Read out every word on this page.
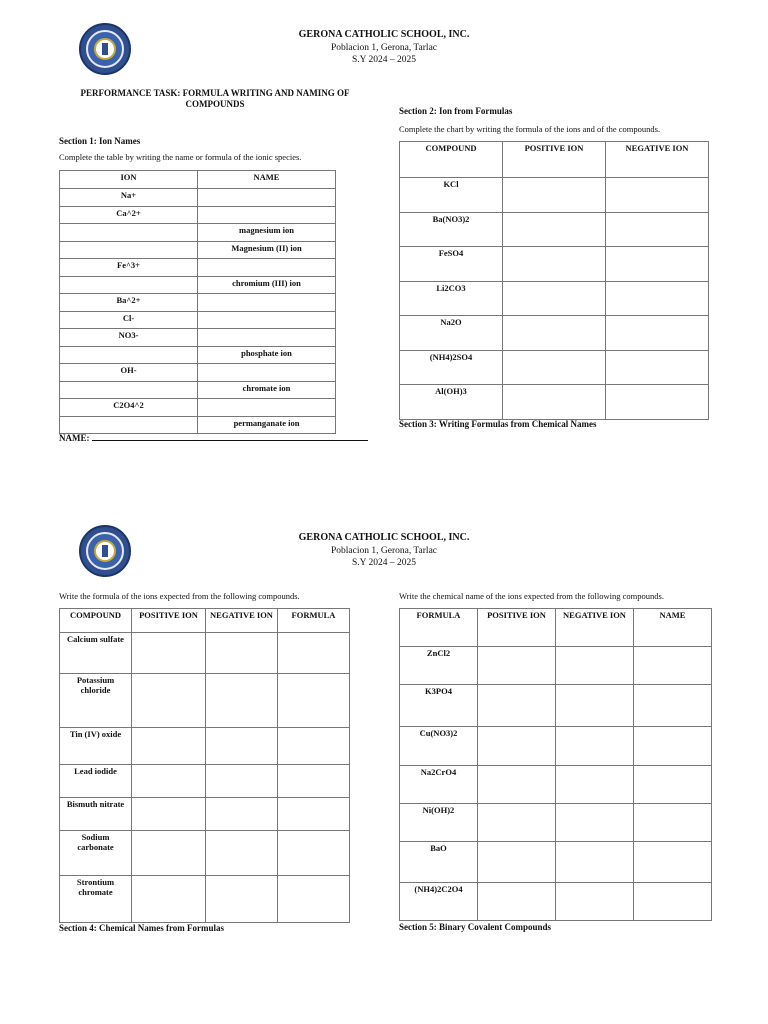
GERONA CATHOLIC SCHOOL, INC.
Poblacion 1, Gerona, Tarlac
S.Y 2024 – 2025
PERFORMANCE TASK: FORMULA WRITING AND NAMING OF COMPOUNDS
Section 1: Ion Names
Complete the table by writing the name or formula of the ionic species.
ION	NAME
Na+	
Ca^2+	
	magnesium ion
	Magnesium (II) ion
Fe^3+	
	chromium (III) ion
Ba^2+	
Cl-	
NO3-	
	phosphate ion
OH-	
	chromate ion
C2O4^2	
	permanganate ion
NAME:
Section 2: Ion from Formulas
Complete the chart by writing the formula of the ions and of the compounds.
COMPOUND	POSITIVE ION	NEGATIVE ION
KCl		
Ba(NO3)2		
FeSO4		
Li2CO3		
Na2O		
(NH4)2SO4		
Al(OH)3		
Section 3: Writing Formulas from Chemical Names
GERONA CATHOLIC SCHOOL, INC.
Poblacion 1, Gerona, Tarlac
S.Y 2024 – 2025
Write the formula of the ions expected from the following compounds.
COMPOUND	POSITIVE ION	NEGATIVE ION	FORMULA
Calcium sulfate			
Potassium chloride			
Tin (IV) oxide			
Lead iodide			
Bismuth nitrate			
Sodium carbonate			
Strontium chromate			
Section 4: Chemical Names from Formulas
Write the chemical name of the ions expected from the following compounds.
FORMULA	POSITIVE ION	NEGATIVE ION	NAME
ZnCl2			
K3PO4			
Cu(NO3)2			
Na2CrO4			
Ni(OH)2			
BaO			
(NH4)2C2O4			
Section 5: Binary Covalent Compounds
